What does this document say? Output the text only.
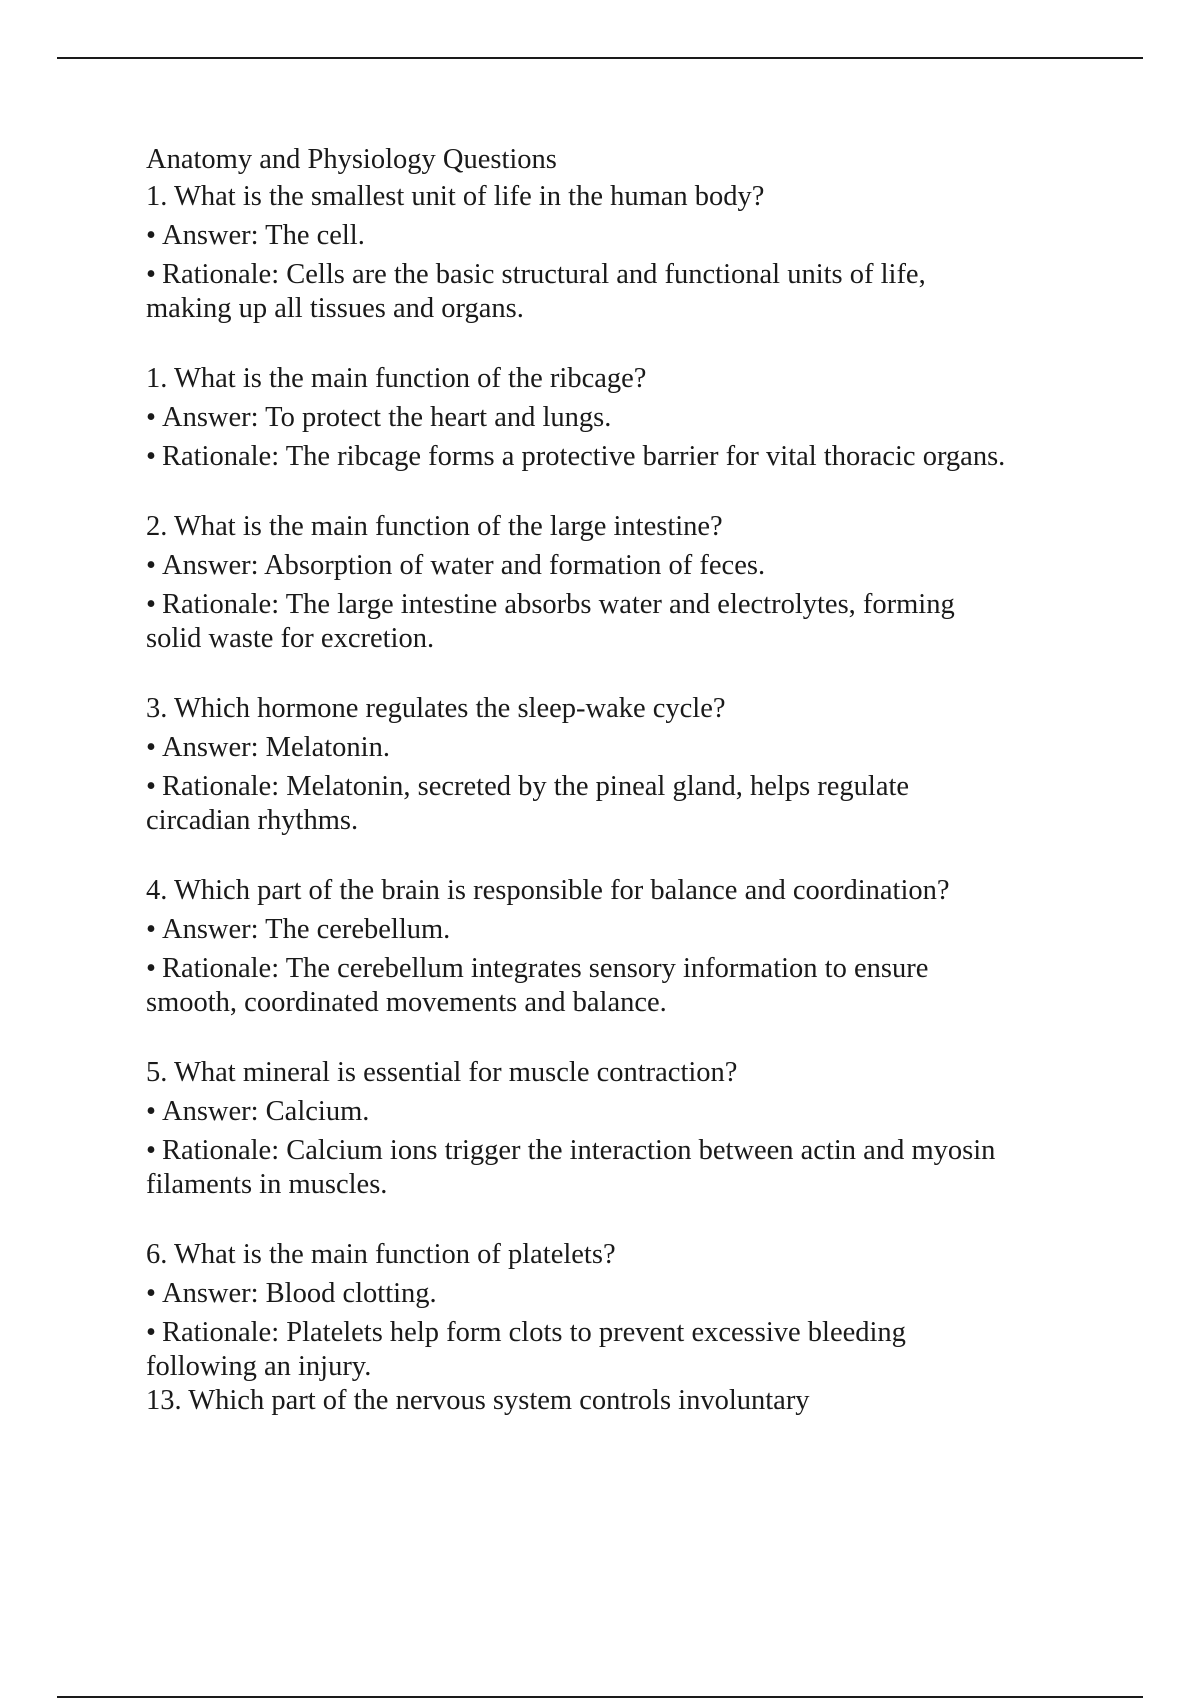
Anatomy and Physiology Questions
1. What is the smallest unit of life in the human body?
• Answer: The cell.
• Rationale: Cells are the basic structural and functional units of life, making up all tissues and organs.
1. What is the main function of the ribcage?
• Answer: To protect the heart and lungs.
• Rationale: The ribcage forms a protective barrier for vital thoracic organs.
2. What is the main function of the large intestine?
• Answer: Absorption of water and formation of feces.
• Rationale: The large intestine absorbs water and electrolytes, forming solid waste for excretion.
3. Which hormone regulates the sleep-wake cycle?
• Answer: Melatonin.
• Rationale: Melatonin, secreted by the pineal gland, helps regulate circadian rhythms.
4. Which part of the brain is responsible for balance and coordination?
• Answer: The cerebellum.
• Rationale: The cerebellum integrates sensory information to ensure smooth, coordinated movements and balance.
5. What mineral is essential for muscle contraction?
• Answer: Calcium.
• Rationale: Calcium ions trigger the interaction between actin and myosin filaments in muscles.
6. What is the main function of platelets?
• Answer: Blood clotting.
• Rationale: Platelets help form clots to prevent excessive bleeding following an injury.
13. Which part of the nervous system controls involuntary
